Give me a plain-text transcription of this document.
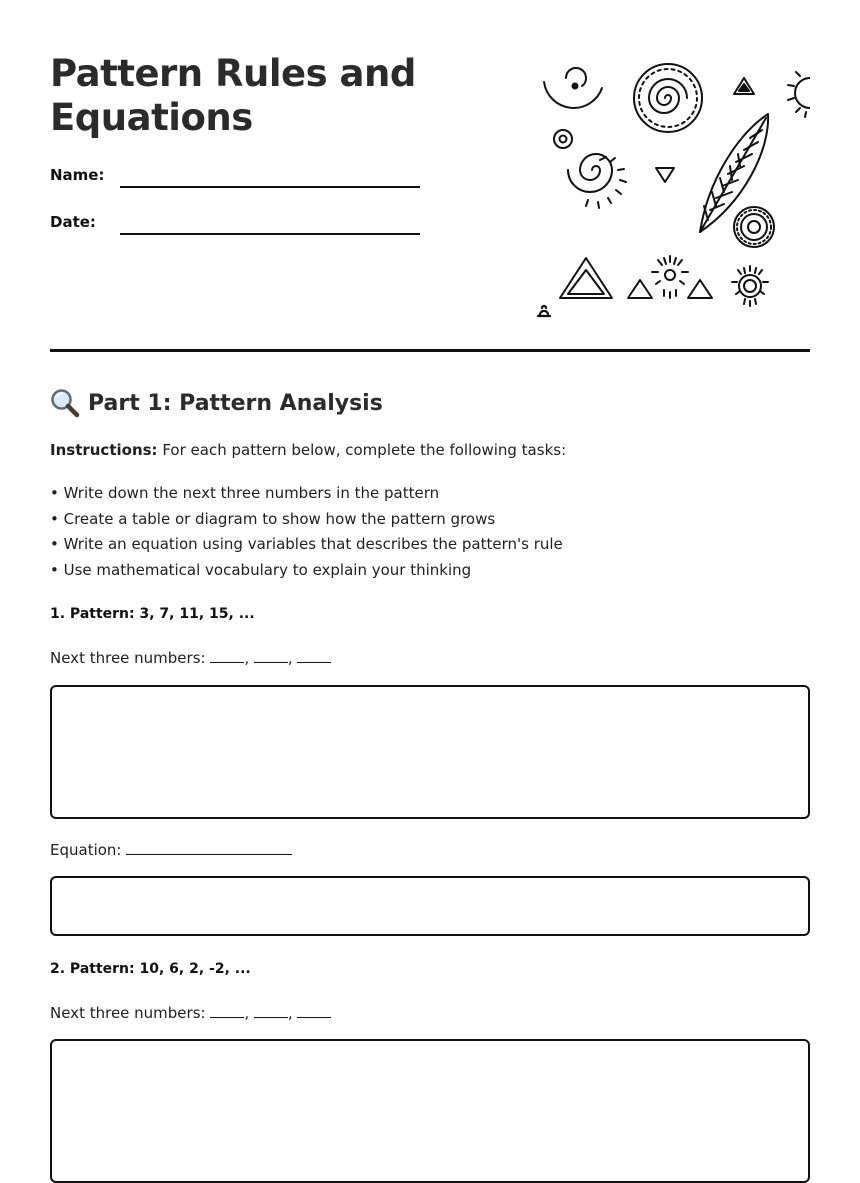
Pattern Rules and
Equations
Name:
Date:
Part 1: Pattern Analysis
Instructions: For each pattern below, complete the following tasks:
• Write down the next three numbers in the pattern
• Create a table or diagram to show how the pattern grows
• Write an equation using variables that describes the pattern's rule
• Use mathematical vocabulary to explain your thinking
1. Pattern: 3, 7, 11, 15, ...
Next three numbers: , ,
Equation:
2. Pattern: 10, 6, 2, -2, ...
Next three numbers: , ,
